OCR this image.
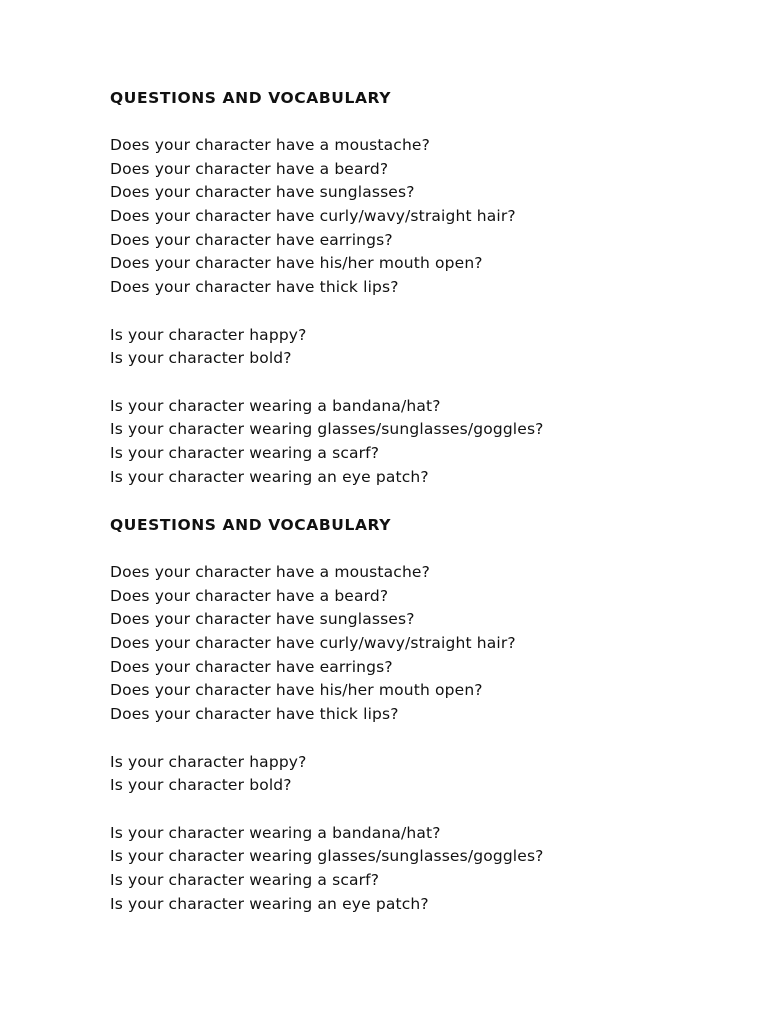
QUESTIONS AND VOCABULARY
Does your character have a moustache?
Does your character have a beard?
Does your character have sunglasses?
Does your character have curly/wavy/straight hair?
Does your character have earrings?
Does your character have his/her mouth open?
Does your character have thick lips?
Is your character happy?
Is your character bold?
Is your character wearing a bandana/hat?
Is your character wearing glasses/sunglasses/goggles?
Is your character wearing a scarf?
Is your character wearing an eye patch?
QUESTIONS AND VOCABULARY
Does your character have a moustache?
Does your character have a beard?
Does your character have sunglasses?
Does your character have curly/wavy/straight hair?
Does your character have earrings?
Does your character have his/her mouth open?
Does your character have thick lips?
Is your character happy?
Is your character bold?
Is your character wearing a bandana/hat?
Is your character wearing glasses/sunglasses/goggles?
Is your character wearing a scarf?
Is your character wearing an eye patch?
